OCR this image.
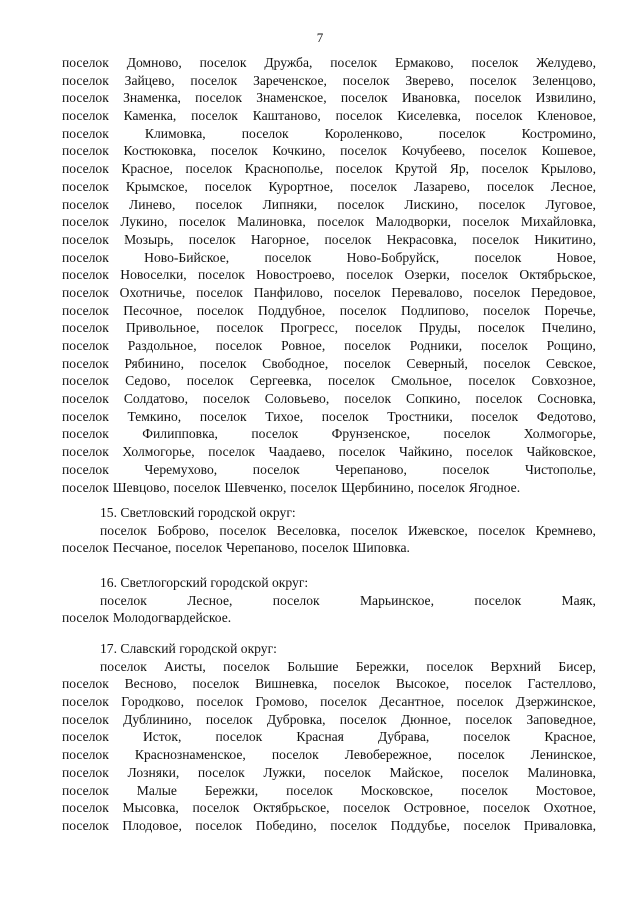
7
поселок Домново, поселок Дружба, поселок Ермаково, поселок Желудево,
поселок Зайцево, поселок Зареченское, поселок Зверево, поселок Зеленцово,
поселок Знаменка, поселок Знаменское, поселок Ивановка, поселок Извилино,
поселок Каменка, поселок Каштаново, поселок Киселевка, поселок Кленовое,
поселок	Климовка,	поселок	Короленково,	поселок	Костромино,
поселок Костюковка, поселок Кочкино, поселок Кочубеево, поселок Кошевое,
поселок Красное, поселок Краснополье, поселок Крутой Яр, поселок Крылово,
поселок Крымское, поселок Курортное, поселок Лазарево, поселок Лесное,
поселок Линево, поселок Липняки, поселок Лискино, поселок Луговое,
поселок Лукино, поселок Малиновка, поселок Малодворки, поселок Михайловка,
поселок Мозырь, поселок Нагорное, поселок Некрасовка, поселок Никитино,
поселок	Ново-Бийское,	поселок	Ново-Бобруйск,	поселок	Новое,
поселок Новоселки, поселок Новостроево, поселок Озерки, поселок Октябрьское,
поселок Охотничье, поселок Панфилово, поселок Перевалово, поселок Передовое,
поселок Песочное, поселок Поддубное, поселок Подлипово, поселок Поречье,
поселок Привольное, поселок Прогресс, поселок Пруды, поселок Пчелино,
поселок Раздольное, поселок Ровное, поселок Родники, поселок Рощино,
поселок Рябинино, поселок Свободное, поселок Северный, поселок Севское,
поселок Седово, поселок Сергеевка, поселок Смольное, поселок Совхозное,
поселок Солдатово, поселок Соловьево, поселок Сопкино, поселок Сосновка,
поселок Темкино, поселок Тихое, поселок Тростники, поселок Федотово,
поселок Филипповка, поселок Фрунзенское, поселок Холмогорье,
поселок Холмогорье, поселок Чаадаево, поселок Чайкино, поселок Чайковское,
поселок	Черемухово,	поселок	Черепаново,	поселок	Чистополье,
поселок Шевцово, поселок Шевченко, поселок Щербинино, поселок Ягодное.
15. Светловский городской округ:
поселок Боброво, поселок Веселовка, поселок Ижевское, поселок Кремнево,
поселок Песчаное, поселок Черепаново, поселок Шиповка.
16. Светлогорский городской округ:
поселок	Лесное,	поселок	Марьинское,	поселок	Маяк,
поселок Молодогвардейское.
17. Славский городской округ:
поселок Аисты, поселок Большие Бережки, поселок Верхний Бисер,
поселок Весново, поселок Вишневка, поселок Высокое, поселок Гастеллово,
поселок Городково, поселок Громово, поселок Десантное, поселок Дзержинское,
поселок Дублинино, поселок Дубровка, поселок Дюнное, поселок Заповедное,
поселок	Исток,	поселок	Красная	Дубрава,	поселок	Красное,
поселок Краснознаменское, поселок Левобережное, поселок Ленинское,
поселок Лозняки, поселок Лужки, поселок Майское, поселок Малиновка,
поселок Малые Бережки, поселок Московское, поселок Мостовое,
поселок Мысовка, поселок Октябрьское, поселок Островное, поселок Охотное,
поселок Плодовое, поселок Победино, поселок Поддубье, поселок Приваловка,
